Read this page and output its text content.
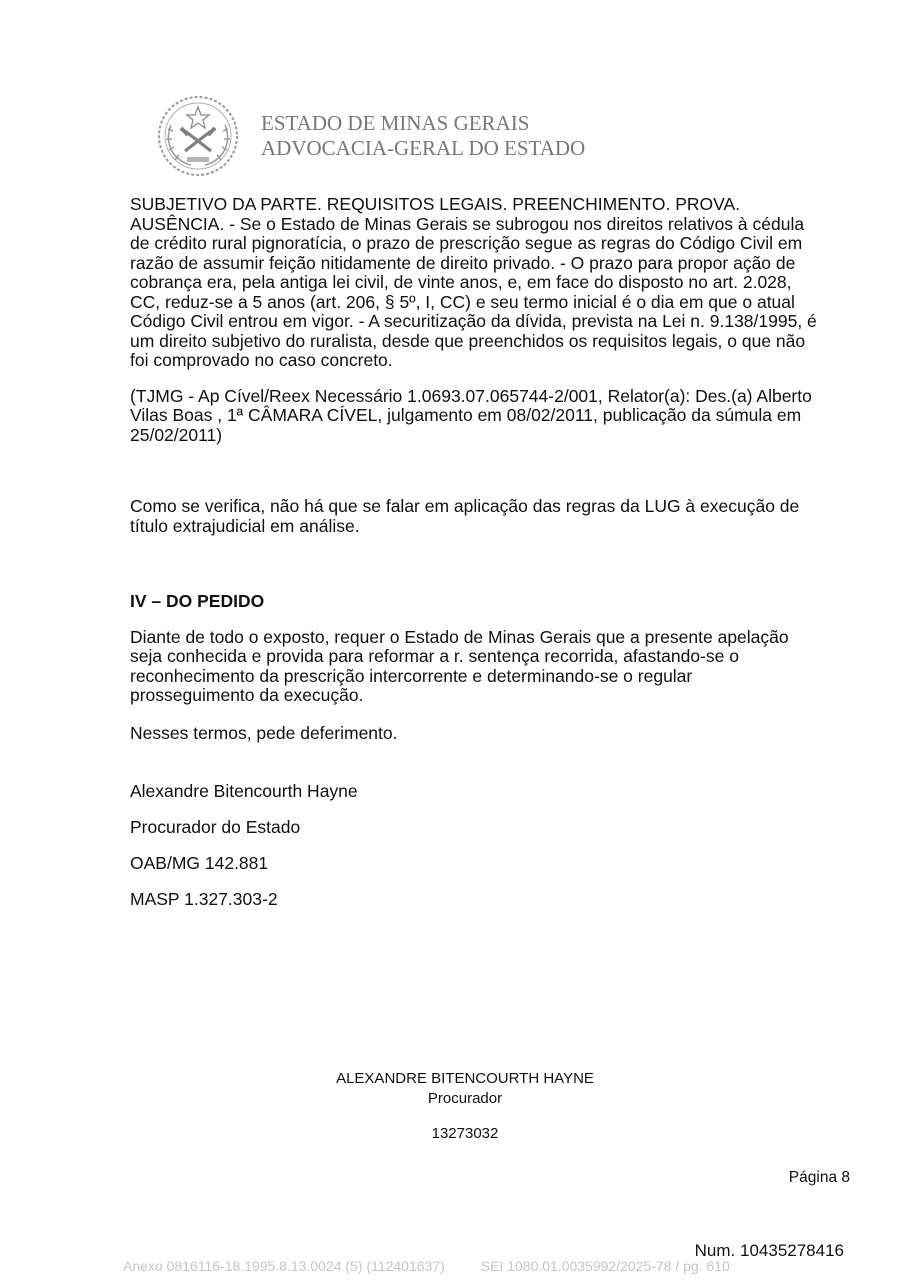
ESTADO DE MINAS GERAIS
ADVOCACIA-GERAL DO ESTADO

SUBJETIVO DA PARTE. REQUISITOS LEGAIS. PREENCHIMENTO. PROVA. AUSÊNCIA. - Se o Estado de Minas Gerais se subrogou nos direitos relativos à cédula de crédito rural pignoratícia, o prazo de prescrição segue as regras do Código Civil em razão de assumir feição nitidamente de direito privado. - O prazo para propor ação de cobrança era, pela antiga lei civil, de vinte anos, e, em face do disposto no art. 2.028, CC, reduz-se a 5 anos (art. 206, § 5º, I, CC) e seu termo inicial é o dia em que o atual Código Civil entrou em vigor. - A securitização da dívida, prevista na Lei n. 9.138/1995, é um direito subjetivo do ruralista, desde que preenchidos os requisitos legais, o que não foi comprovado no caso concreto.

(TJMG - Ap Cível/Reex Necessário 1.0693.07.065744-2/001, Relator(a): Des.(a) Alberto Vilas Boas , 1ª CÂMARA CÍVEL, julgamento em 08/02/2011, publicação da súmula em 25/02/2011)

Como se verifica, não há que se falar em aplicação das regras da LUG à execução de título extrajudicial em análise.

IV – DO PEDIDO

Diante de todo o exposto, requer o Estado de Minas Gerais que a presente apelação seja conhecida e provida para reformar a r. sentença recorrida, afastando-se o reconhecimento da prescrição intercorrente e determinando-se o regular prosseguimento da execução.

Nesses termos, pede deferimento.

Alexandre Bitencourth Hayne

Procurador do Estado

OAB/MG 142.881

MASP 1.327.303-2

ALEXANDRE BITENCOURTH HAYNE
Procurador
13273032
Página 8
Num. 10435278416
Anexo 0816116-18.1995.8.13.0024 (5) (112401637)	SEI 1080.01.0035992/2025-78 / pg. 610
